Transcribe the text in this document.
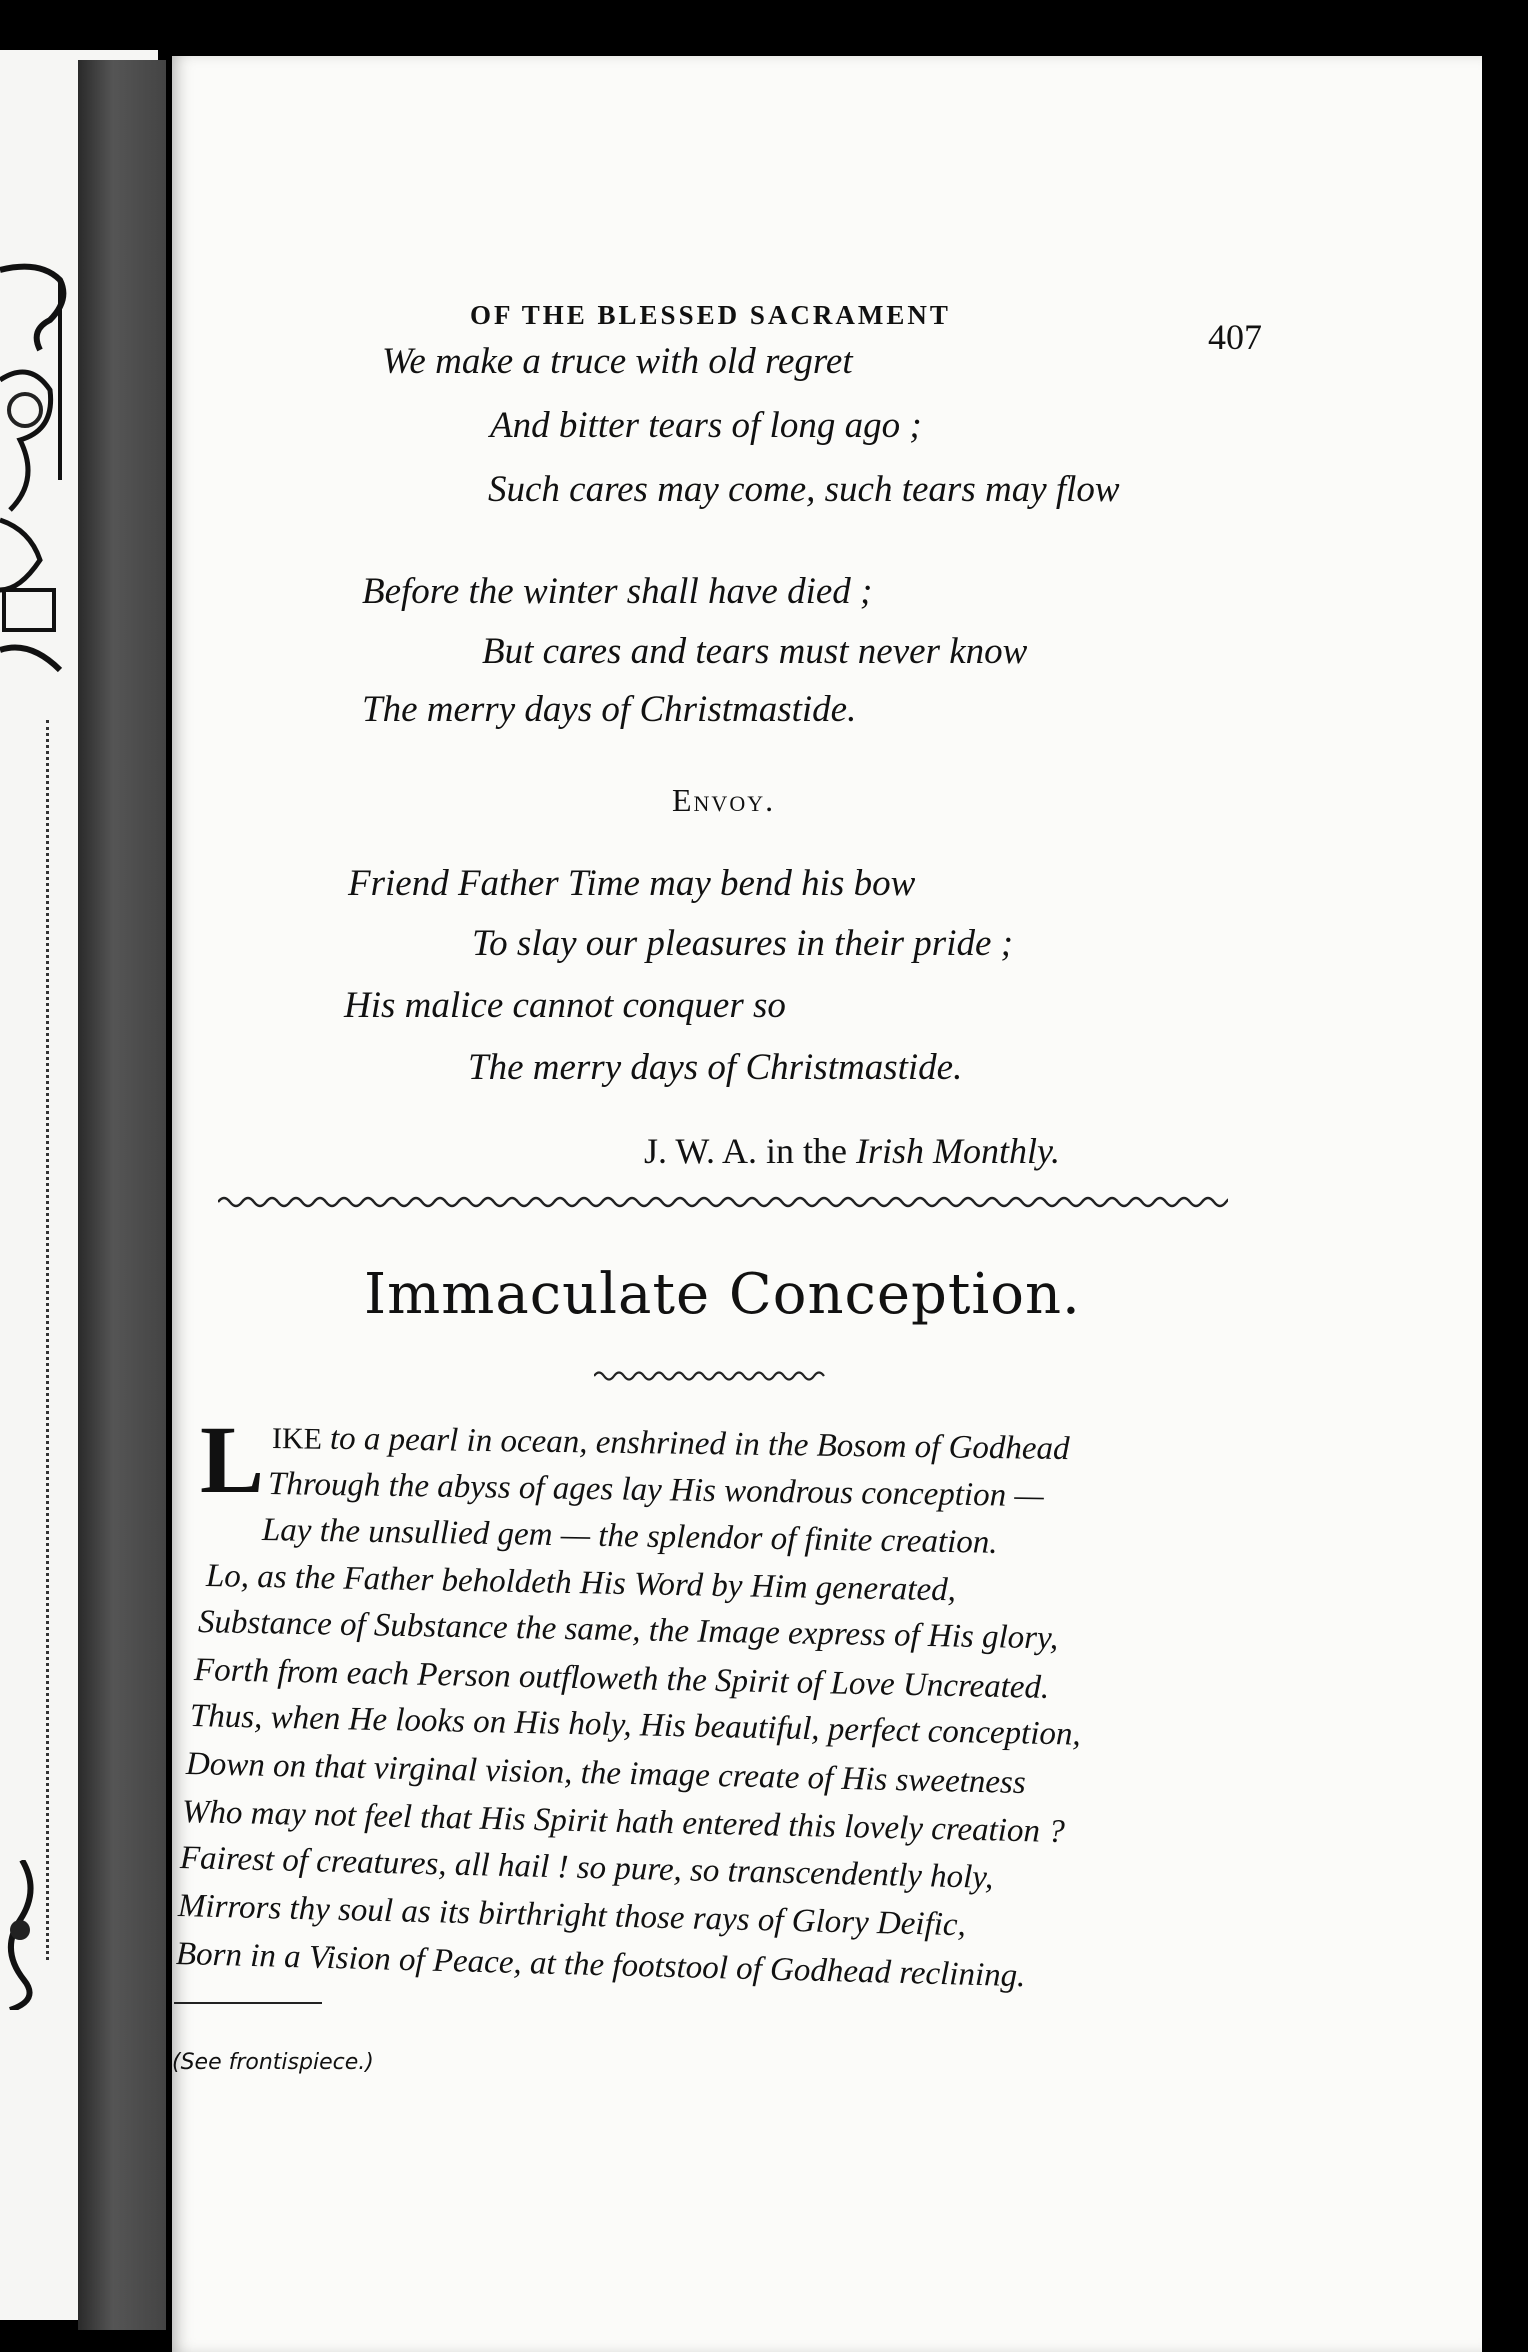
OF THE BLESSED SACRAMENT
407
We make a truce with old regret
And bitter tears of long ago ;
Such cares may come, such tears may flow
Before the winter shall have died ;
But cares and tears must never know
The merry days of Christmastide.
Envoy.
Friend Father Time may bend his bow
To slay our pleasures in their pride ;
His malice cannot conquer so
The merry days of Christmastide.
J. W. A. in the Irish Monthly.
Immaculate Conception.
L IKE to a pearl in ocean, enshrined in the Bosom of Godhead
Through the abyss of ages lay His wondrous conception —
Lay the unsullied gem — the splendor of finite creation.
Lo, as the Father beholdeth His Word by Him generated,
Substance of Substance the same, the Image express of His glory,
Forth from each Person outfloweth the Spirit of Love Uncreated.
Thus, when He looks on His holy, His beautiful, perfect conception,
Down on that virginal vision, the image create of His sweetness
Who may not feel that His Spirit hath entered this lovely creation ?
Fairest of creatures, all hail ! so pure, so transcendently holy,
Mirrors thy soul as its birthright those rays of Glory Deific,
Born in a Vision of Peace, at the footstool of Godhead reclining.
(See frontispiece.)
